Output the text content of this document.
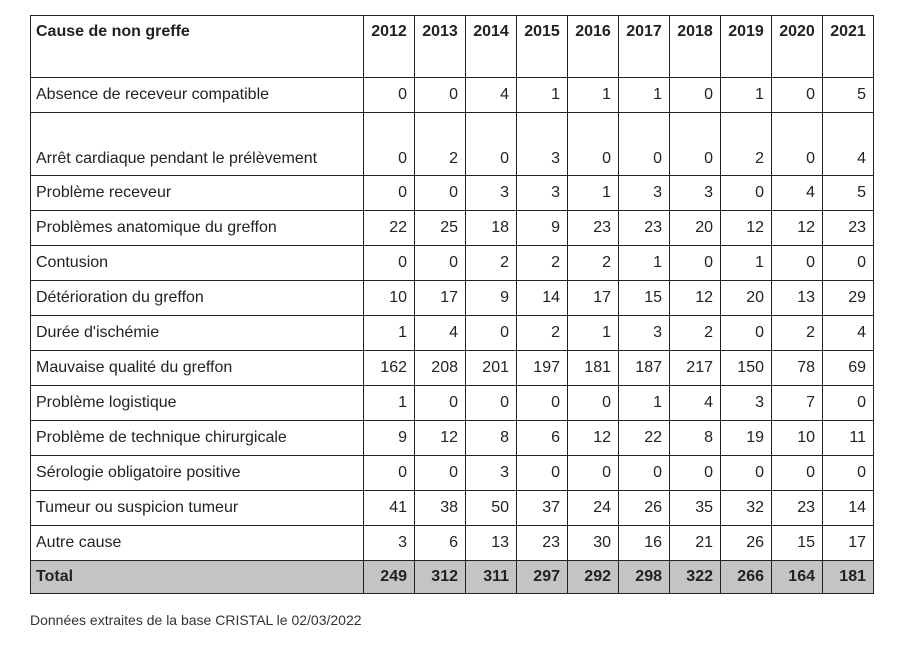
Cause de non greffe	2012	2013	2014	2015	2016	2017	2018	2019	2020	2021
Absence de receveur compatible	0	0	4	1	1	1	0	1	0	5
Arrêt cardiaque pendant le prélèvement	0	2	0	3	0	0	0	2	0	4
Problème receveur	0	0	3	3	1	3	3	0	4	5
Problèmes anatomique du greffon	22	25	18	9	23	23	20	12	12	23
Contusion	0	0	2	2	2	1	0	1	0	0
Détérioration du greffon	10	17	9	14	17	15	12	20	13	29
Durée d'ischémie	1	4	0	2	1	3	2	0	2	4
Mauvaise qualité du greffon	162	208	201	197	181	187	217	150	78	69
Problème logistique	1	0	0	0	0	1	4	3	7	0
Problème de technique chirurgicale	9	12	8	6	12	22	8	19	10	11
Sérologie obligatoire positive	0	0	3	0	0	0	0	0	0	0
Tumeur ou suspicion tumeur	41	38	50	37	24	26	35	32	23	14
Autre cause	3	6	13	23	30	16	21	26	15	17
Total	249	312	311	297	292	298	322	266	164	181
Données extraites de la base CRISTAL le 02/03/2022
